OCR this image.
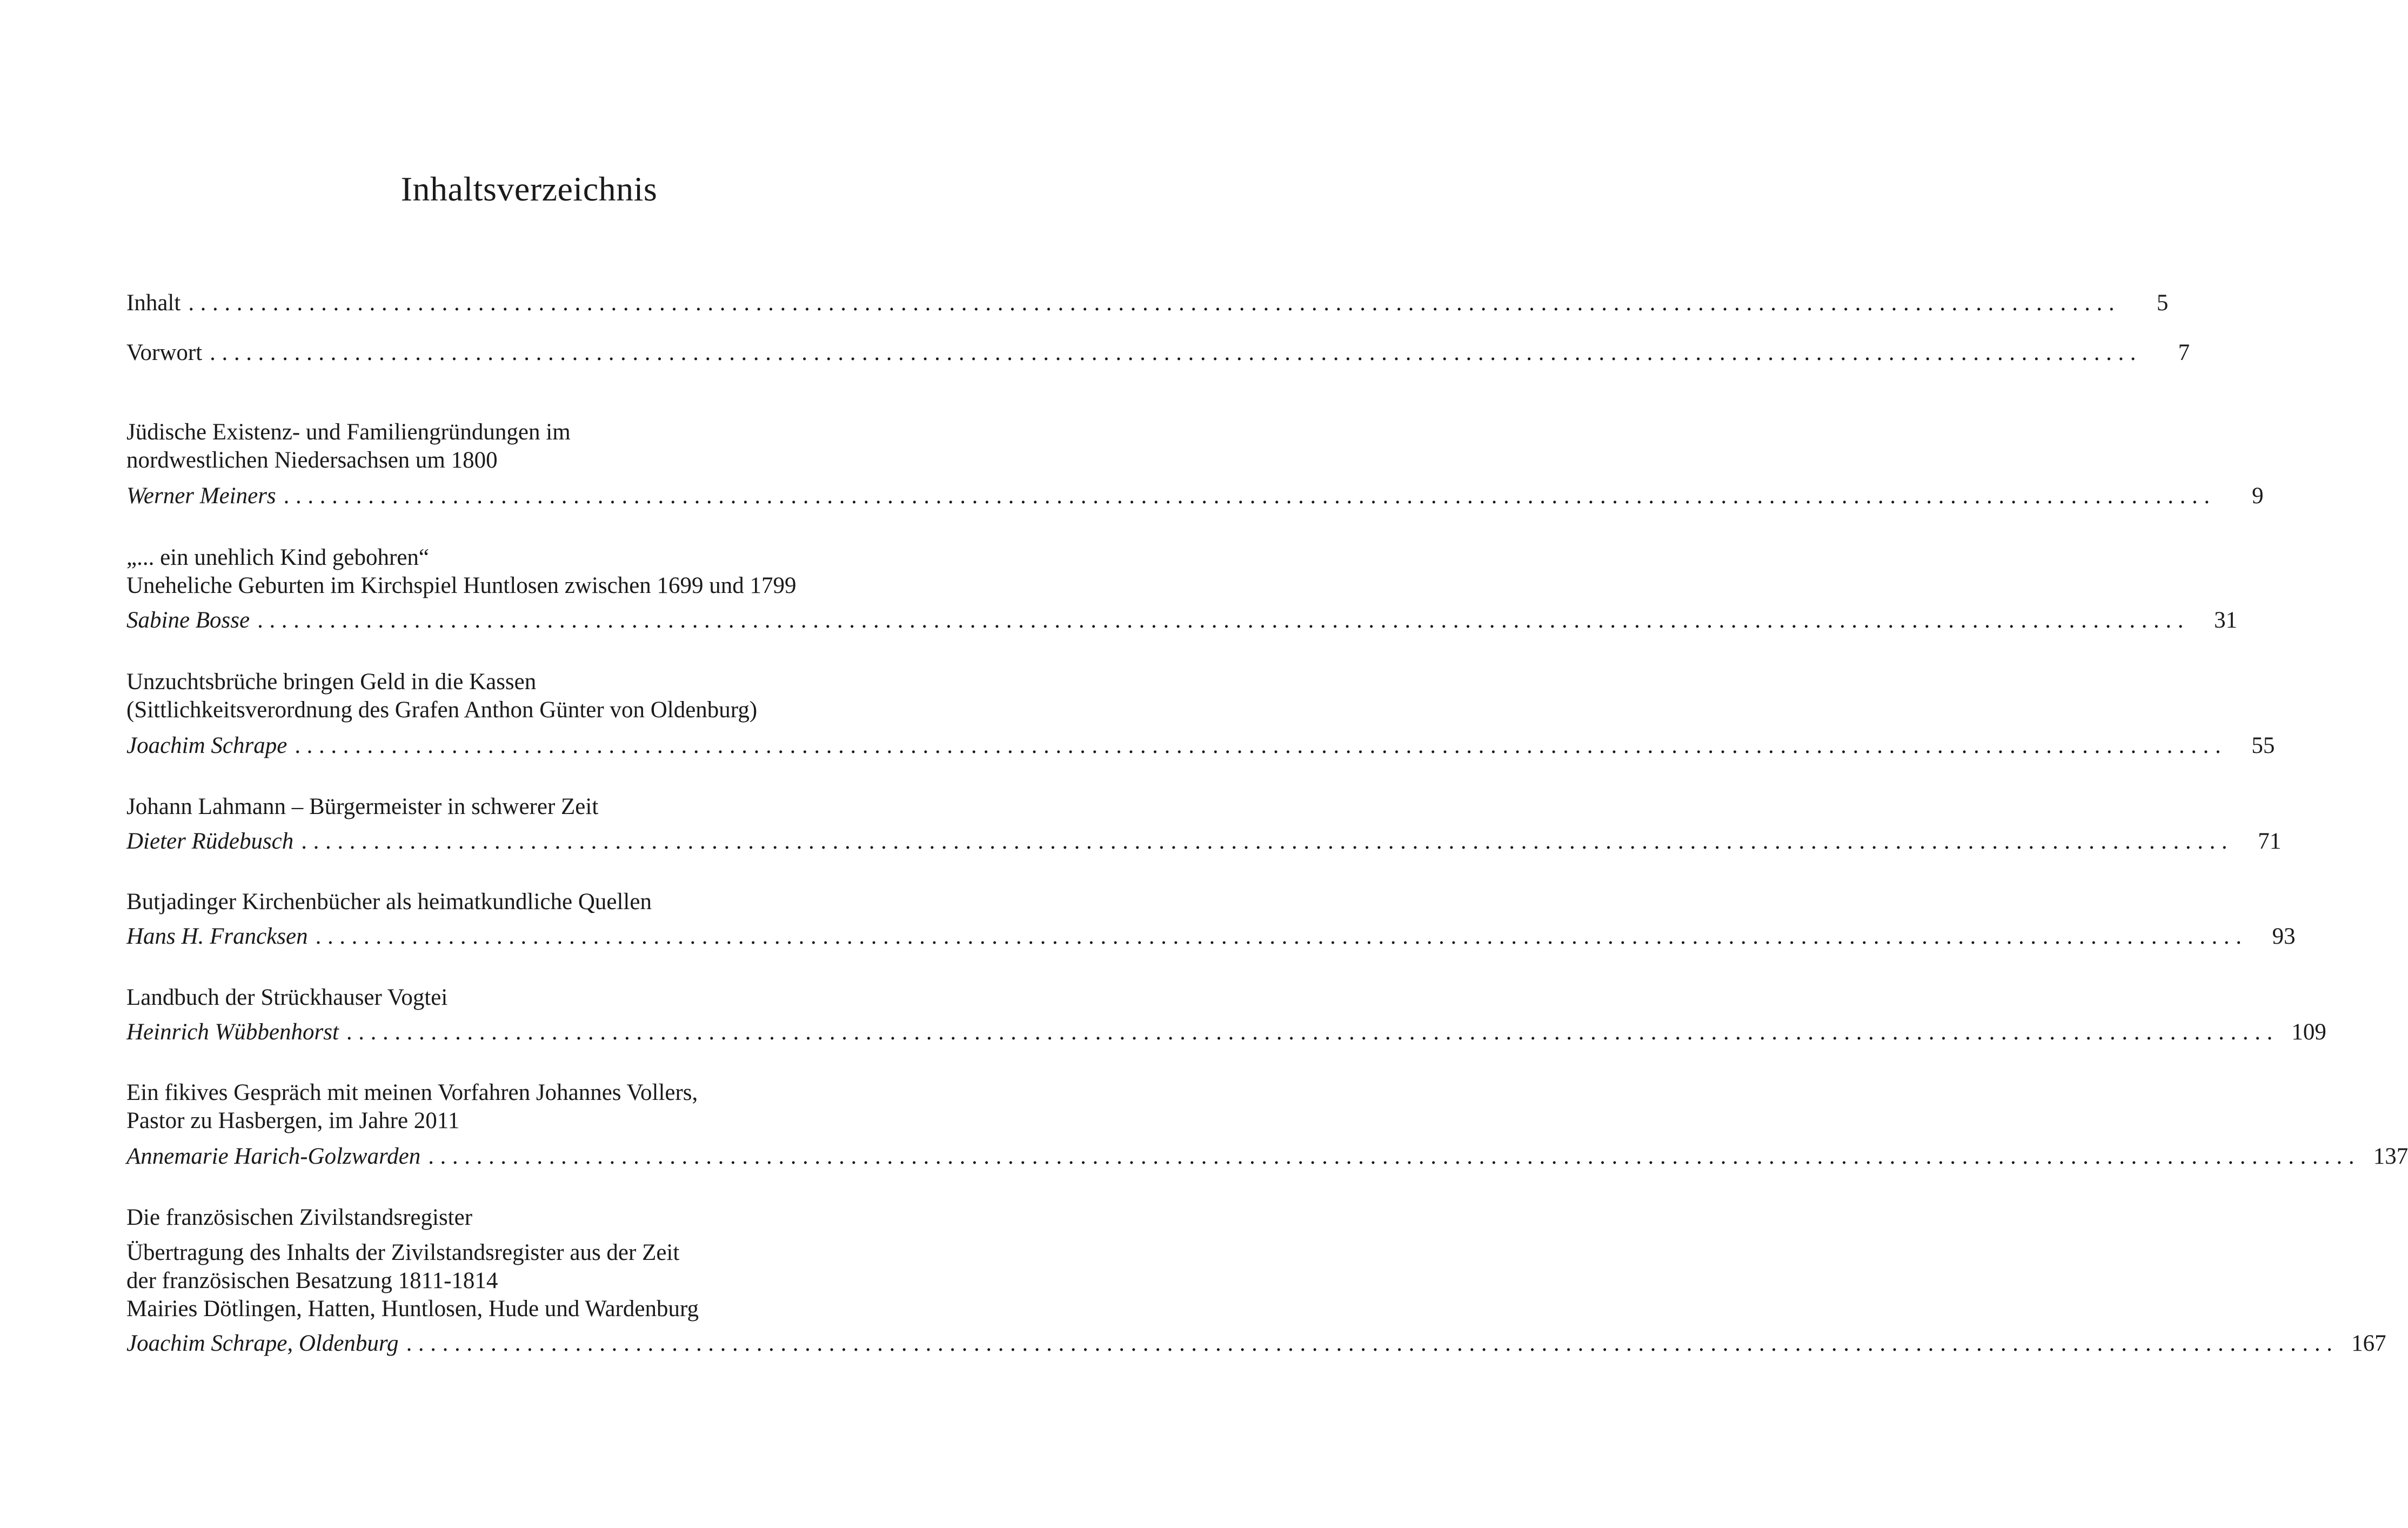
Inhaltsverzeichnis
Inhalt ................................................................................................................................................................	5
Vorwort ................................................................................................................................................................	7
Jüdische Existenz- und Familiengründungen im
nordwestlichen Niedersachsen um 1800
Werner Meiners ................................................................................................................................................................	9
„... ein unehlich Kind gebohren“
Uneheliche Geburten im Kirchspiel Huntlosen zwischen 1699 und 1799
Sabine Bosse ................................................................................................................................................................	31
Unzuchtsbrüche bringen Geld in die Kassen
(Sittlichkeitsverordnung des Grafen Anthon Günter von Oldenburg)
Joachim Schrape ................................................................................................................................................................	55
Johann Lahmann – Bürgermeister in schwerer Zeit
Dieter Rüdebusch ................................................................................................................................................................	71
Butjadinger Kirchenbücher als heimatkundliche Quellen
Hans H. Francksen ................................................................................................................................................................	93
Landbuch der Strückhauser Vogtei
Heinrich Wübbenhorst ................................................................................................................................................................ 109
Ein fikives Gespräch mit meinen Vorfahren Johannes Vollers,
Pastor zu Hasbergen, im Jahre 2011
Annemarie Harich-Golzwarden ................................................................................................................................................................ 137
Die französischen Zivilstandsregister
Übertragung des Inhalts der Zivilstandsregister aus der Zeit
der französischen Besatzung 1811-1814
Mairies Dötlingen, Hatten, Huntlosen, Hude und Wardenburg
Joachim Schrape, Oldenburg ................................................................................................................................................................ 167
